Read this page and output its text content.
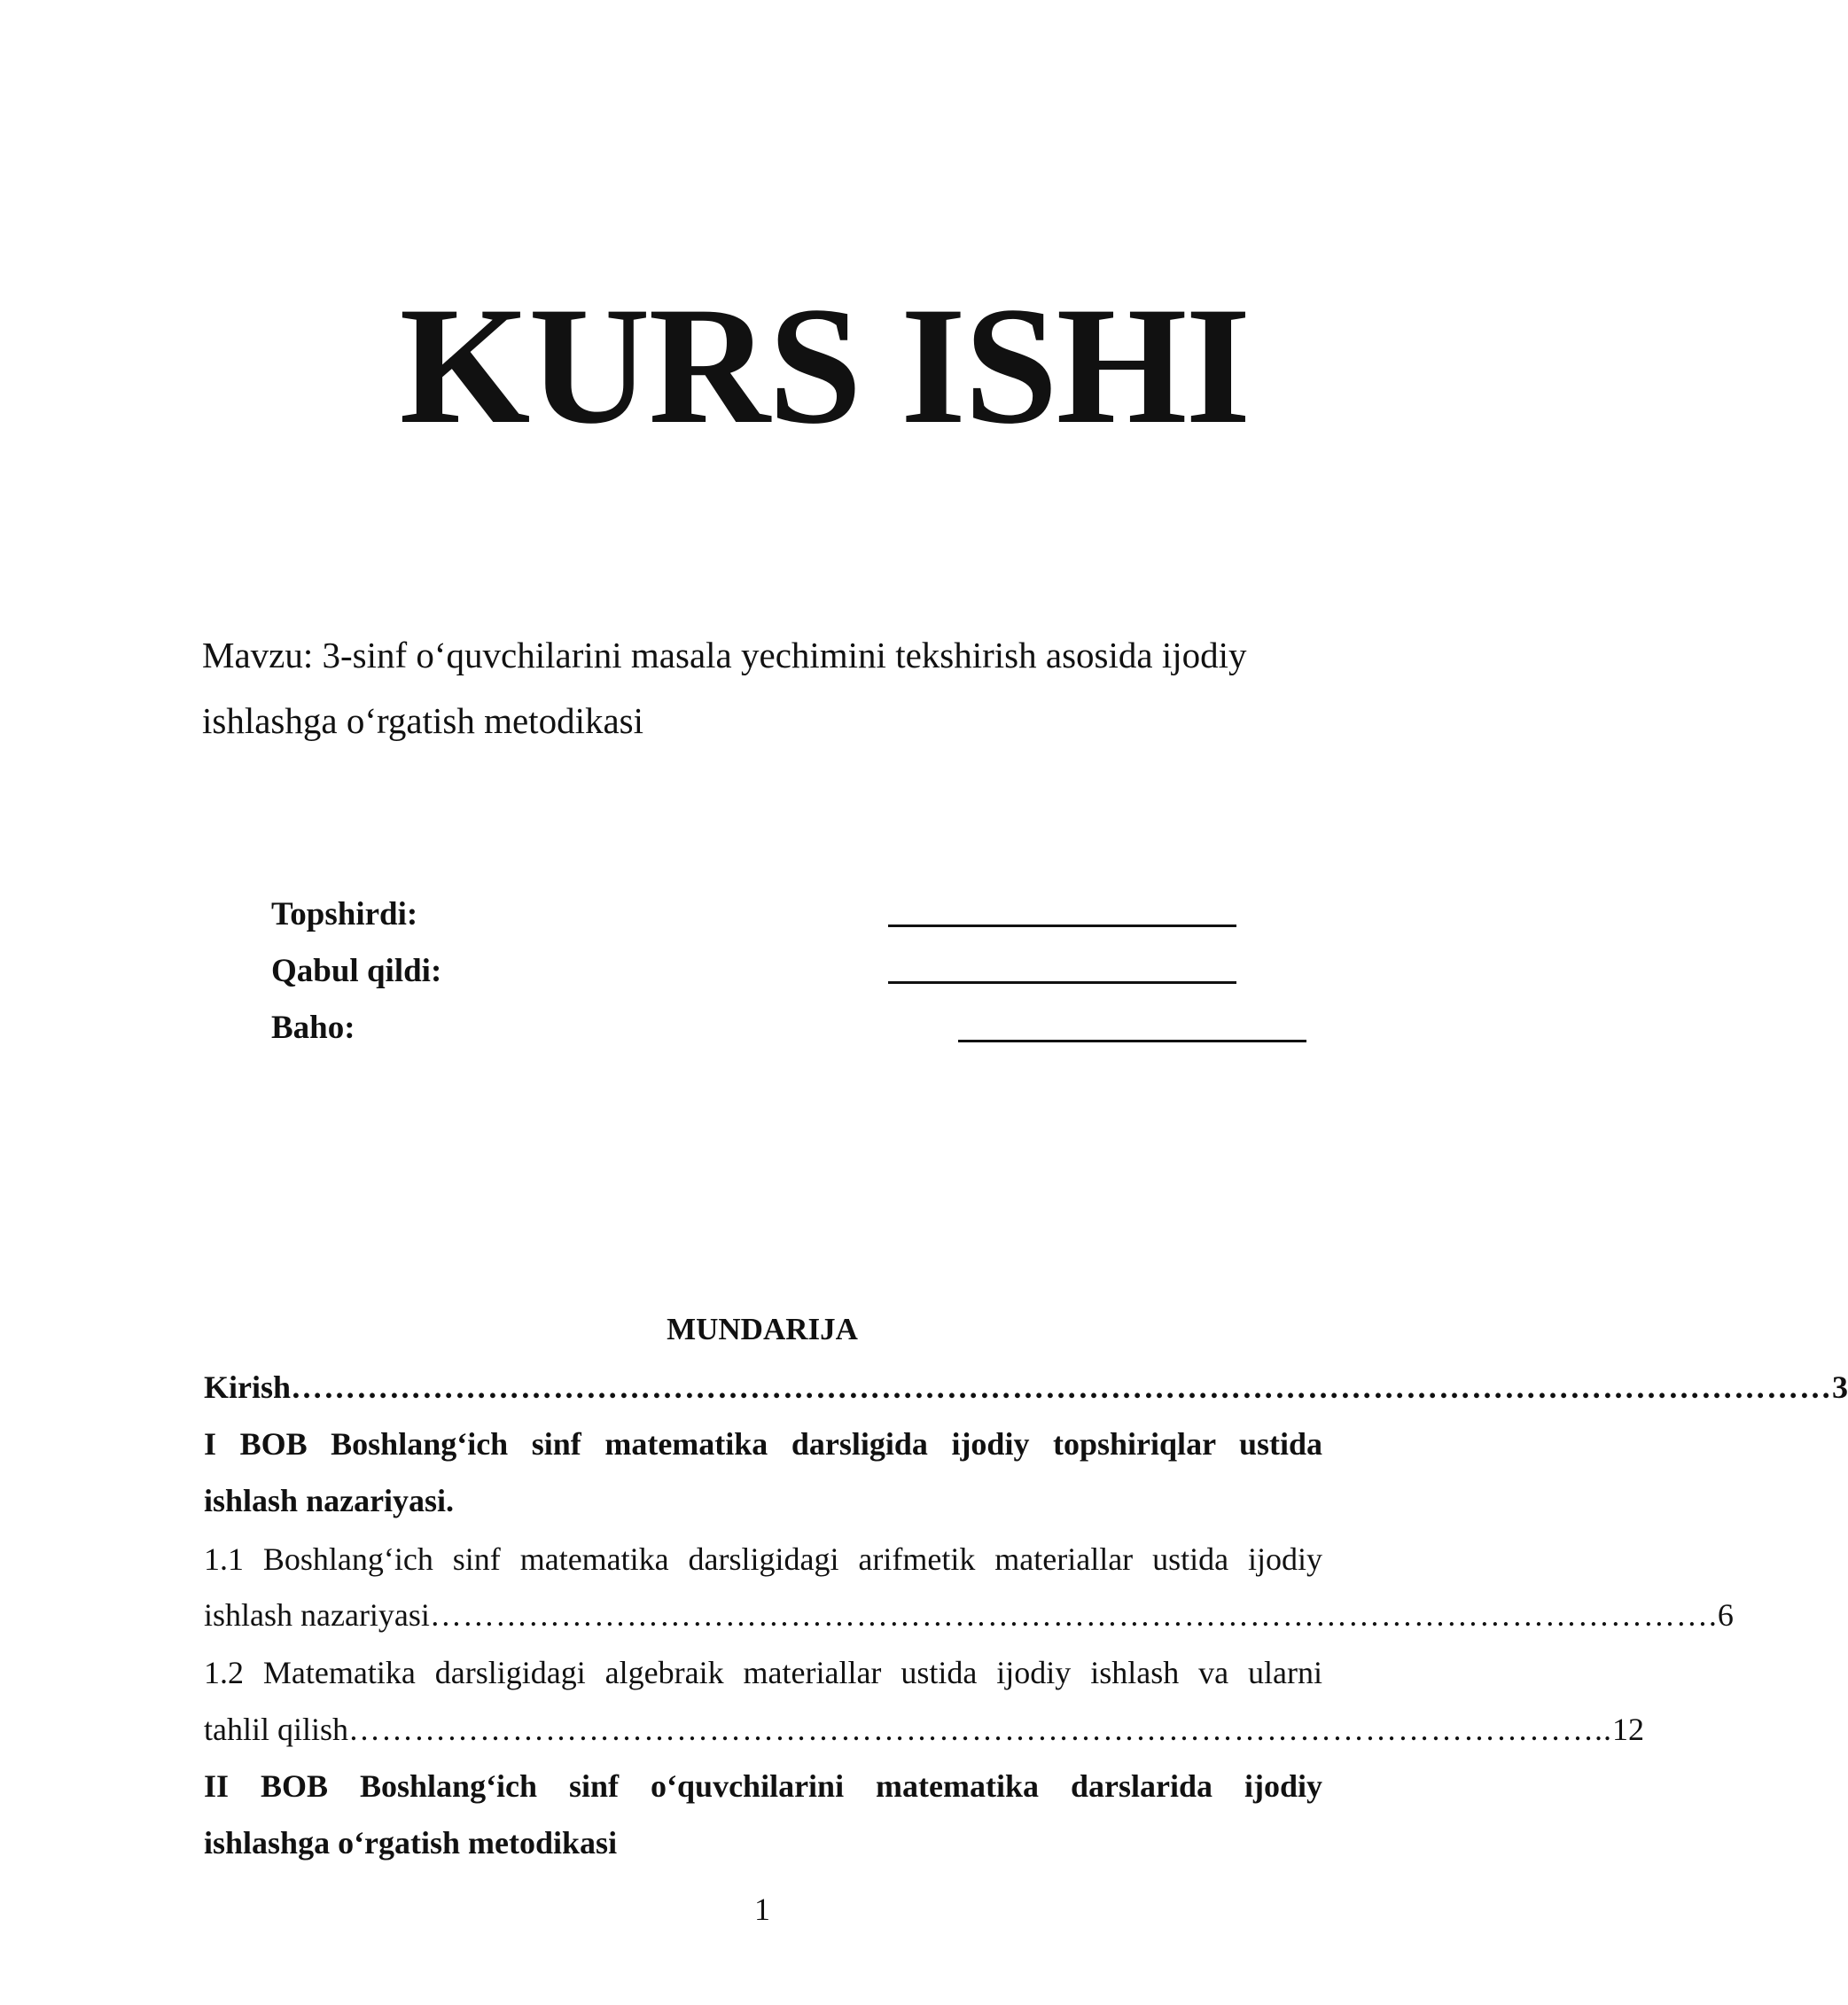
KURS ISHI
Mavzu: 3-sinf o‘quvchilarini masala yechimini tekshirish asosida ijodiy
ishlashga o‘rgatish metodikasi
Topshirdi:
Qabul qildi:
Baho:
MUNDARIJA
Kirish …………………………………………………………………………………………………………………………… 3
I BOB Boshlang‘ich sinf matematika darsligida ijodiy topshiriqlar ustida
ishlash nazariyasi.
1.1 Boshlang‘ich sinf matematika darsligidagi arifmetik materiallar ustida ijodiy
ishlash nazariyasi ………………………………………………………………………………………………………. 6
1.2 Matematika darsligidagi algebraik materiallar ustida ijodiy ishlash va ularni
tahlil qilish …………………………………………………………………………………………………….. 12
II BOB Boshlang‘ich sinf o‘quvchilarini matematika darslarida ijodiy
ishlashga o‘rgatish metodikasi
1
